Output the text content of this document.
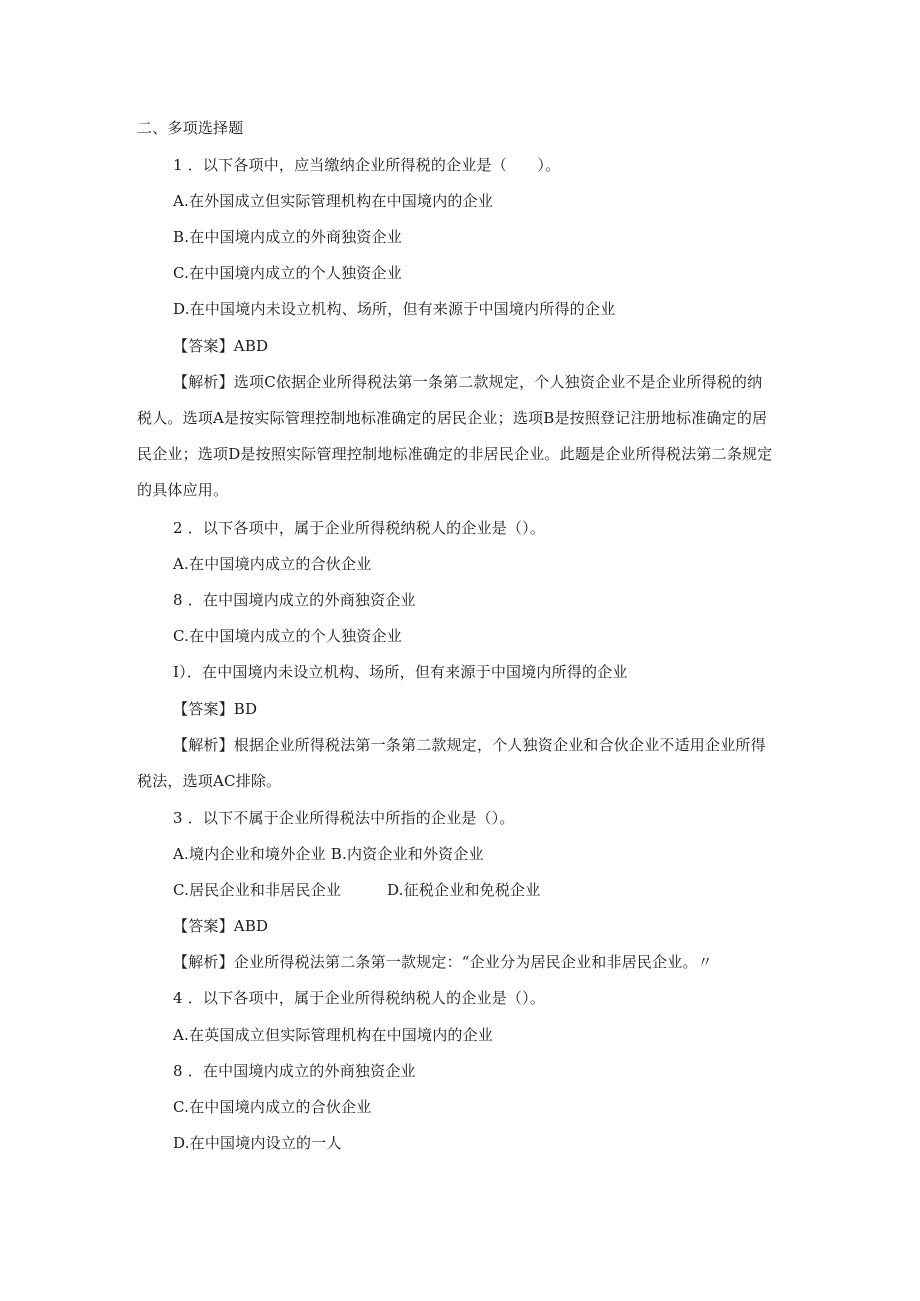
二、多项选择题
1 ．以下各项中，应当缴纳企业所得税的企业是（　　）。
A.在外国成立但实际管理机构在中国境内的企业
B.在中国境内成立的外商独资企业
C.在中国境内成立的个人独资企业
D.在中国境内未设立机构、场所，但有来源于中国境内所得的企业
【答案】ABD
【解析】选项C依据企业所得税法第一条第二款规定，个人独资企业不是企业所得税的纳
税人。选项A是按实际管理控制地标准确定的居民企业；选项B是按照登记注册地标准确定的居
民企业；选项D是按照实际管理控制地标准确定的非居民企业。此题是企业所得税法第二条规定
的具体应用。
2 ．以下各项中，属于企业所得税纳税人的企业是（）。
A.在中国境内成立的合伙企业
8 ．在中国境内成立的外商独资企业
C.在中国境内成立的个人独资企业
I）．在中国境内未设立机构、场所，但有来源于中国境内所得的企业
【答案】BD
【解析】根据企业所得税法第一条第二款规定，个人独资企业和合伙企业不适用企业所得
税法，选项AC排除。
3 ．以下不属于企业所得税法中所指的企业是（）。
A.境内企业和境外企业 B.内资企业和外资企业
C.居民企业和非居民企业	D.征税企业和免税企业
【答案】ABD
【解析】企业所得税法第二条第一款规定：“企业分为居民企业和非居民企业。〃
4 ．以下各项中，属于企业所得税纳税人的企业是（）。
A.在英国成立但实际管理机构在中国境内的企业
8 ．在中国境内成立的外商独资企业
C.在中国境内成立的合伙企业
D.在中国境内设立的一人
